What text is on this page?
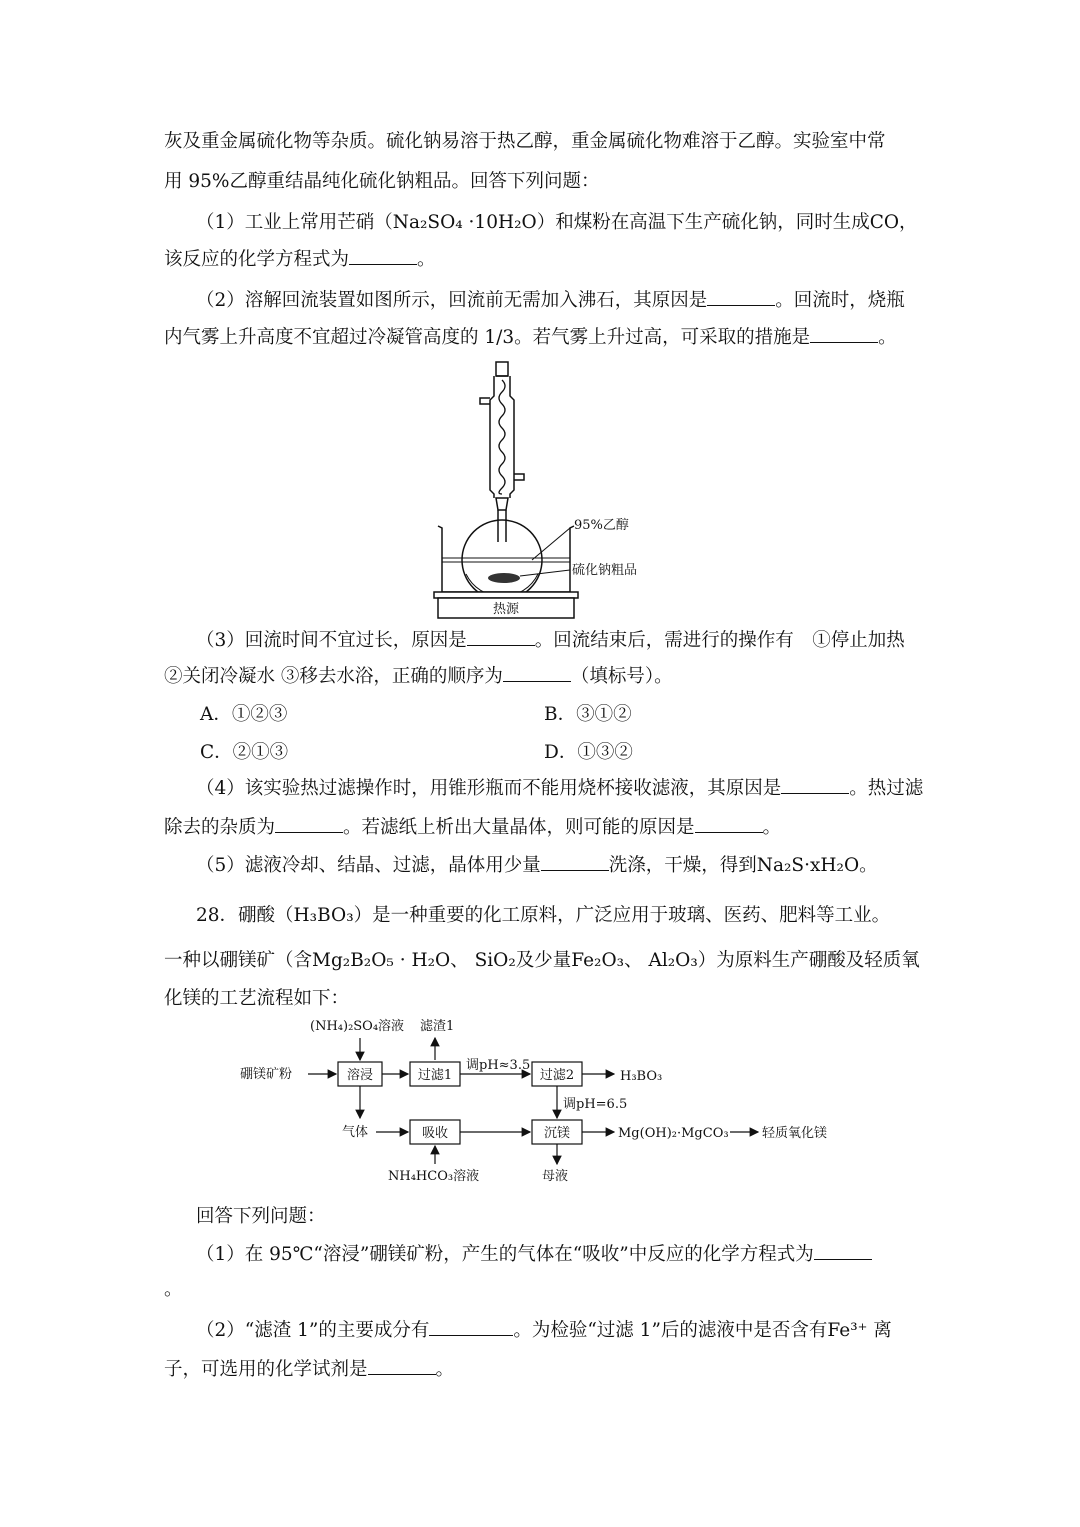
灰及重金属硫化物等杂质。硫化钠易溶于热乙醇，重金属硫化物难溶于乙醇。实验室中常
用 95%乙醇重结晶纯化硫化钠粗品。回答下列问题：
（1）工业上常用芒硝（Na₂SO₄ ·10H₂O）和煤粉在高温下生产硫化钠，同时生成CO，
该反应的化学方程式为	。
（2）溶解回流装置如图所示，回流前无需加入沸石，其原因是	。回流时，烧瓶
内气雾上升高度不宜超过冷凝管高度的 1/3。若气雾上升过高，可采取的措施是	。
热源
95%乙醇
硫化钠粗品
（3）回流时间不宜过长，原因是	。回流结束后，需进行的操作有　①停止加热
②关闭冷凝水 ③移去水浴，正确的顺序为	（填标号）。
A．①②③	B．③①②
C．②①③	D．①③②
（4）该实验热过滤操作时，用锥形瓶而不能用烧杯接收滤液，其原因是	。热过滤
除去的杂质为	。若滤纸上析出大量晶体，则可能的原因是	。
（5）滤液冷却、结晶、过滤，晶体用少量	洗涤，干燥，得到Na₂S·xH₂O。
28．硼酸（H₃BO₃）是一种重要的化工原料，广泛应用于玻璃、医药、肥料等工业。
一种以硼镁矿（含Mg₂B₂O₅ · H₂O、 SiO₂及少量Fe₂O₃、 Al₂O₃）为原料生产硼酸及轻质氧
化镁的工艺流程如下：
(NH₄)₂SO₄溶液 滤渣1
硼镁矿粉	溶浸	过滤1
调pH≈3.5
过滤2	H₃BO₃
调pH=6.5
气体	吸收
NH₄HCO₃溶液
沉镁
母液
Mg(OH)₂·MgCO₃	轻质氧化镁
回答下列问题：
（1）在 95℃“溶浸”硼镁矿粉，产生的气体在“吸收”中反应的化学方程式为
。
（2）“滤渣 1”的主要成分有	。为检验“过滤 1”后的滤液中是否含有Fe³⁺ 离
子，可选用的化学试剂是	。
